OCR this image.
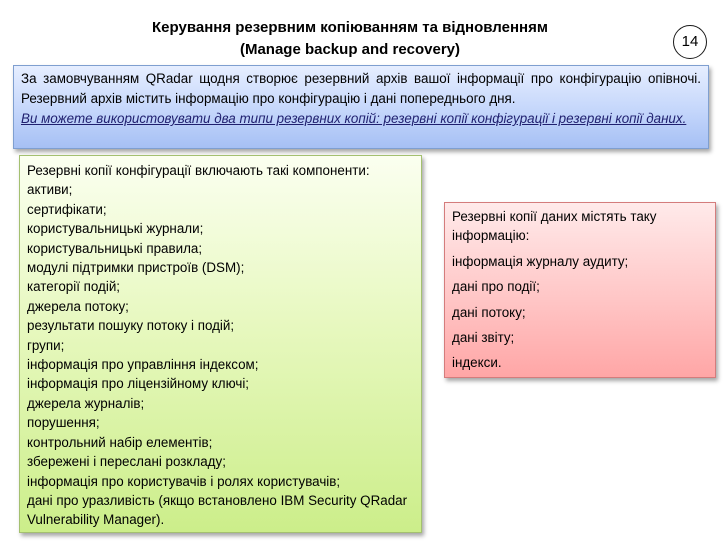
Керування резервним копіюванням та відновленням
(Manage backup and recovery)	14

За замовчуванням QRadar щодня створює резервний архів вашої інформації про конфігурацію опівночі. Резервний архів містить інформацію про конфігурацію і дані попереднього дня.

Ви можете використовувати два типи резервних копій: резервні копії конфігурації і резервні копії даних.

Резервні копії конфігурації включають такі компоненти:
активи;
сертифікати;
користувальницькі журнали;
користувальницькі правила;
модулі підтримки пристроїв (DSM);
категорії подій;
джерела потоку;
результати пошуку потоку і подій;
групи;
інформація про управління індексом;
інформація про ліцензійному ключі;
джерела журналів;
порушення;
контрольний набір елементів;
збережені і переслані розкладу;
інформація про користувачів і ролях користувачів;
дані про уразливість (якщо встановлено IBM Security QRadar Vulnerability Manager).
Резервні копії даних містять таку інформацію:
інформація журналу аудиту;
дані про події;
дані потоку;
дані звіту;
індекси.
